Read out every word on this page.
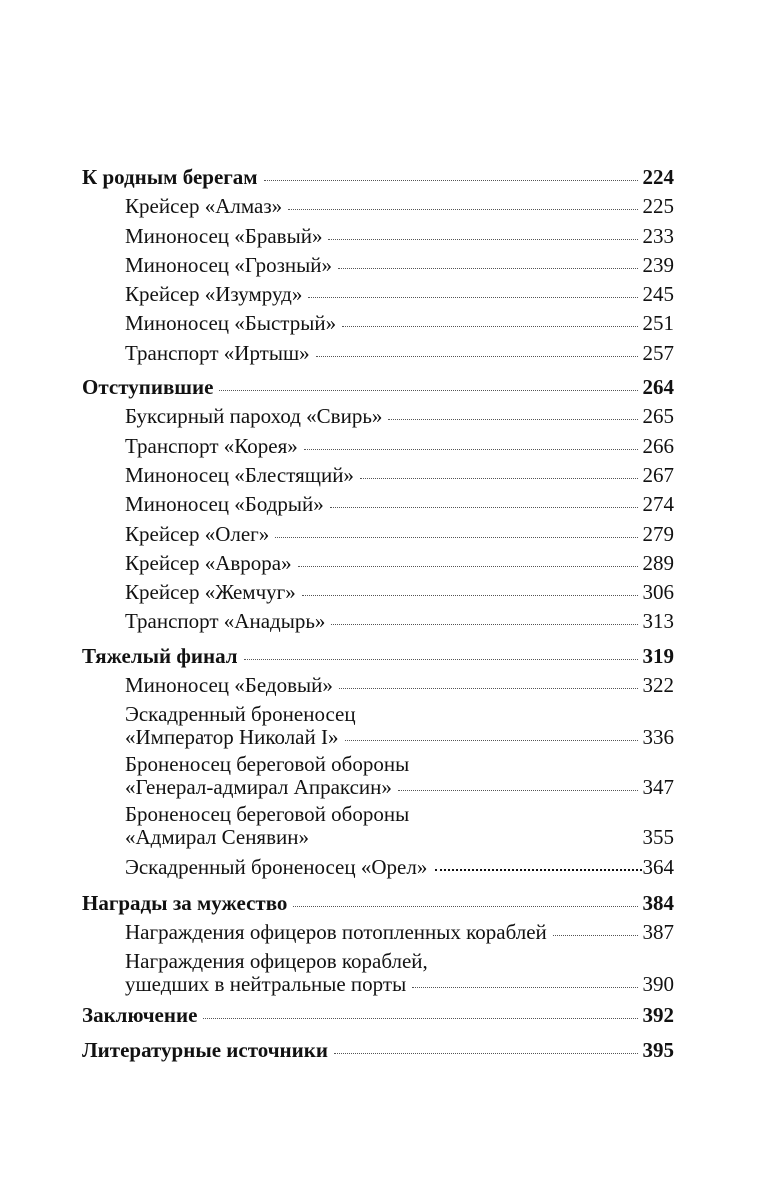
К родным берегам	224
Крейсер «Алмаз»	225
Миноносец «Бравый»	233
Миноносец «Грозный»	239
Крейсер «Изумруд»	245
Миноносец «Быстрый»	251
Транспорт «Иртыш»	257
Отступившие	264
Буксирный пароход «Свирь»	265
Транспорт «Корея»	266
Миноносец «Блестящий»	267
Миноносец «Бодрый»	274
Крейсер «Олег»	279
Крейсер «Аврора»	289
Крейсер «Жемчуг»	306
Транспорт «Анадырь»	313
Тяжелый финал	319
Миноносец «Бедовый»	322
Эскадренный броненосец
«Император Николай I»	336
Броненосец береговой обороны
«Генерал-адмирал Апраксин»	347
Броненосец береговой обороны
«Адмирал Сенявин»	355
Эскадренный броненосец «Орел»	364
Награды за мужество	384
Награждения офицеров потопленных кораблей	387
Награждения офицеров кораблей,
ушедших в нейтральные порты	390
Заключение	392
Литературные источники	395
